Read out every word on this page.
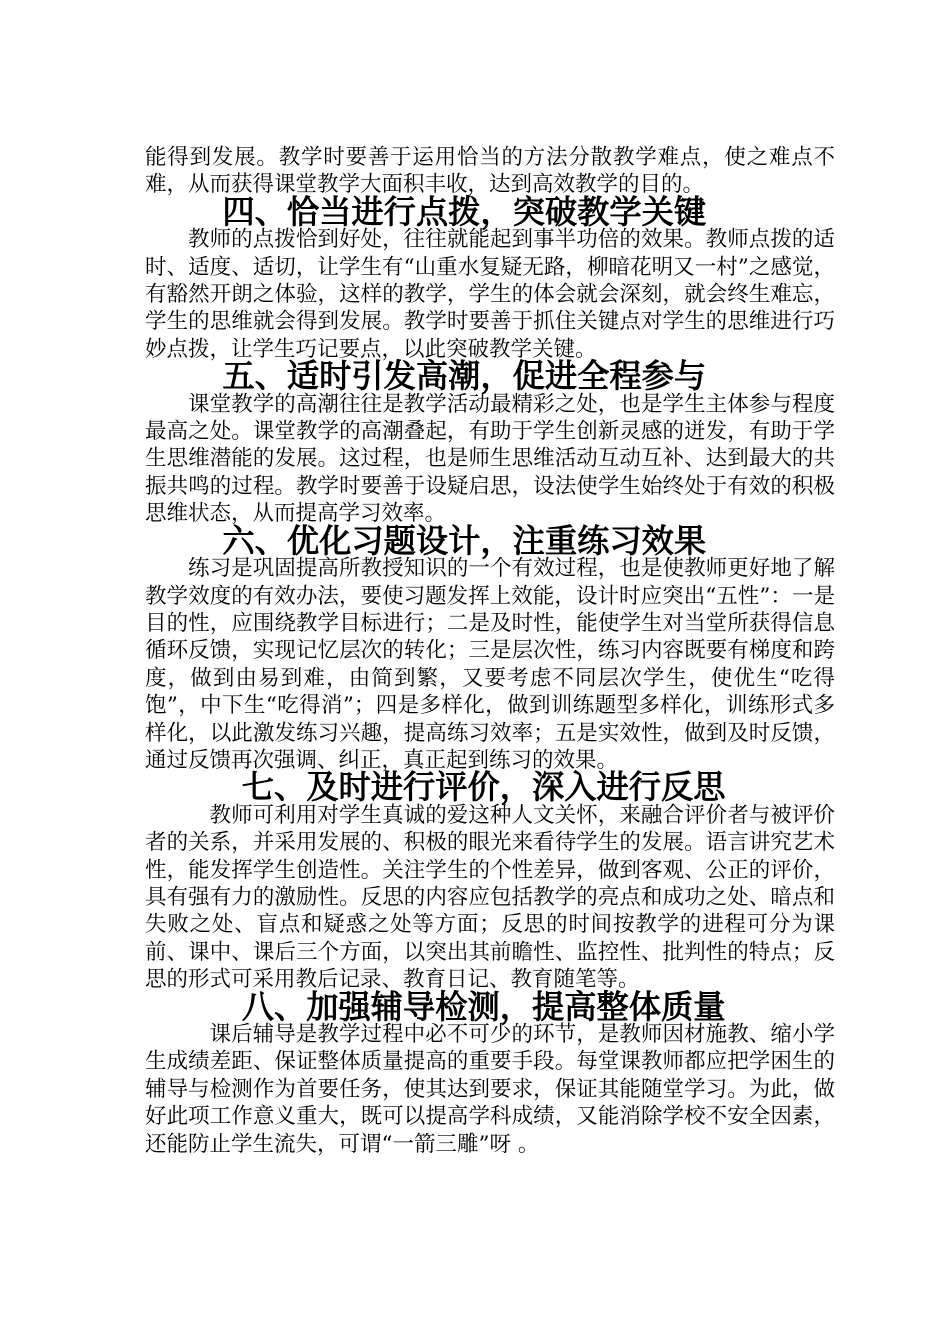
能得到发展。教学时要善于运用恰当的方法分散教学难点，使之难点不难，从而获得课堂教学大面积丰收，达到高效教学的目的。

四、恰当进行点拨，突破教学关键

教师的点拨恰到好处，往往就能起到事半功倍的效果。教师点拨的适时、适度、适切，让学生有“山重水复疑无路，柳暗花明又一村”之感觉，有豁然开朗之体验，这样的教学，学生的体会就会深刻，就会终生难忘，学生的思维就会得到发展。教学时要善于抓住关键点对学生的思维进行巧妙点拨，让学生巧记要点，以此突破教学关键。

五、适时引发高潮，促进全程参与

课堂教学的高潮往往是教学活动最精彩之处，也是学生主体参与程度最高之处。课堂教学的高潮叠起，有助于学生创新灵感的迸发，有助于学生思维潜能的发展。这过程，也是师生思维活动互动互补、达到最大的共振共鸣的过程。教学时要善于设疑启思，设法使学生始终处于有效的积极思维状态，从而提高学习效率。

六、优化习题设计，注重练习效果

练习是巩固提高所教授知识的一个有效过程，也是使教师更好地了解教学效度的有效办法，要使习题发挥上效能，设计时应突出“五性”：一是目的性，应围绕教学目标进行；二是及时性，能使学生对当堂所获得信息循环反馈，实现记忆层次的转化；三是层次性，练习内容既要有梯度和跨度，做到由易到难，由简到繁，又要考虑不同层次学生，使优生“吃得饱”，中下生“吃得消”；四是多样化，做到训练题型多样化，训练形式多样化，以此激发练习兴趣，提高练习效率；五是实效性，做到及时反馈，通过反馈再次强调、纠正，真正起到练习的效果。

七、及时进行评价，深入进行反思

教师可利用对学生真诚的爱这种人文关怀，来融合评价者与被评价者的关系，并采用发展的、积极的眼光来看待学生的发展。语言讲究艺术性，能发挥学生创造性。关注学生的个性差异，做到客观、公正的评价，具有强有力的激励性。反思的内容应包括教学的亮点和成功之处、暗点和失败之处、盲点和疑惑之处等方面；反思的时间按教学的进程可分为课前、课中、课后三个方面，以突出其前瞻性、监控性、批判性的特点；反思的形式可采用教后记录、教育日记、教育随笔等。

八、加强辅导检测，提高整体质量

课后辅导是教学过程中必不可少的环节，是教师因材施教、缩小学生成绩差距、保证整体质量提高的重要手段。每堂课教师都应把学困生的辅导与检测作为首要任务，使其达到要求，保证其能随堂学习。为此，做好此项工作意义重大，既可以提高学科成绩，又能消除学校不安全因素，还能防止学生流失，可谓“一箭三雕”呀 。
